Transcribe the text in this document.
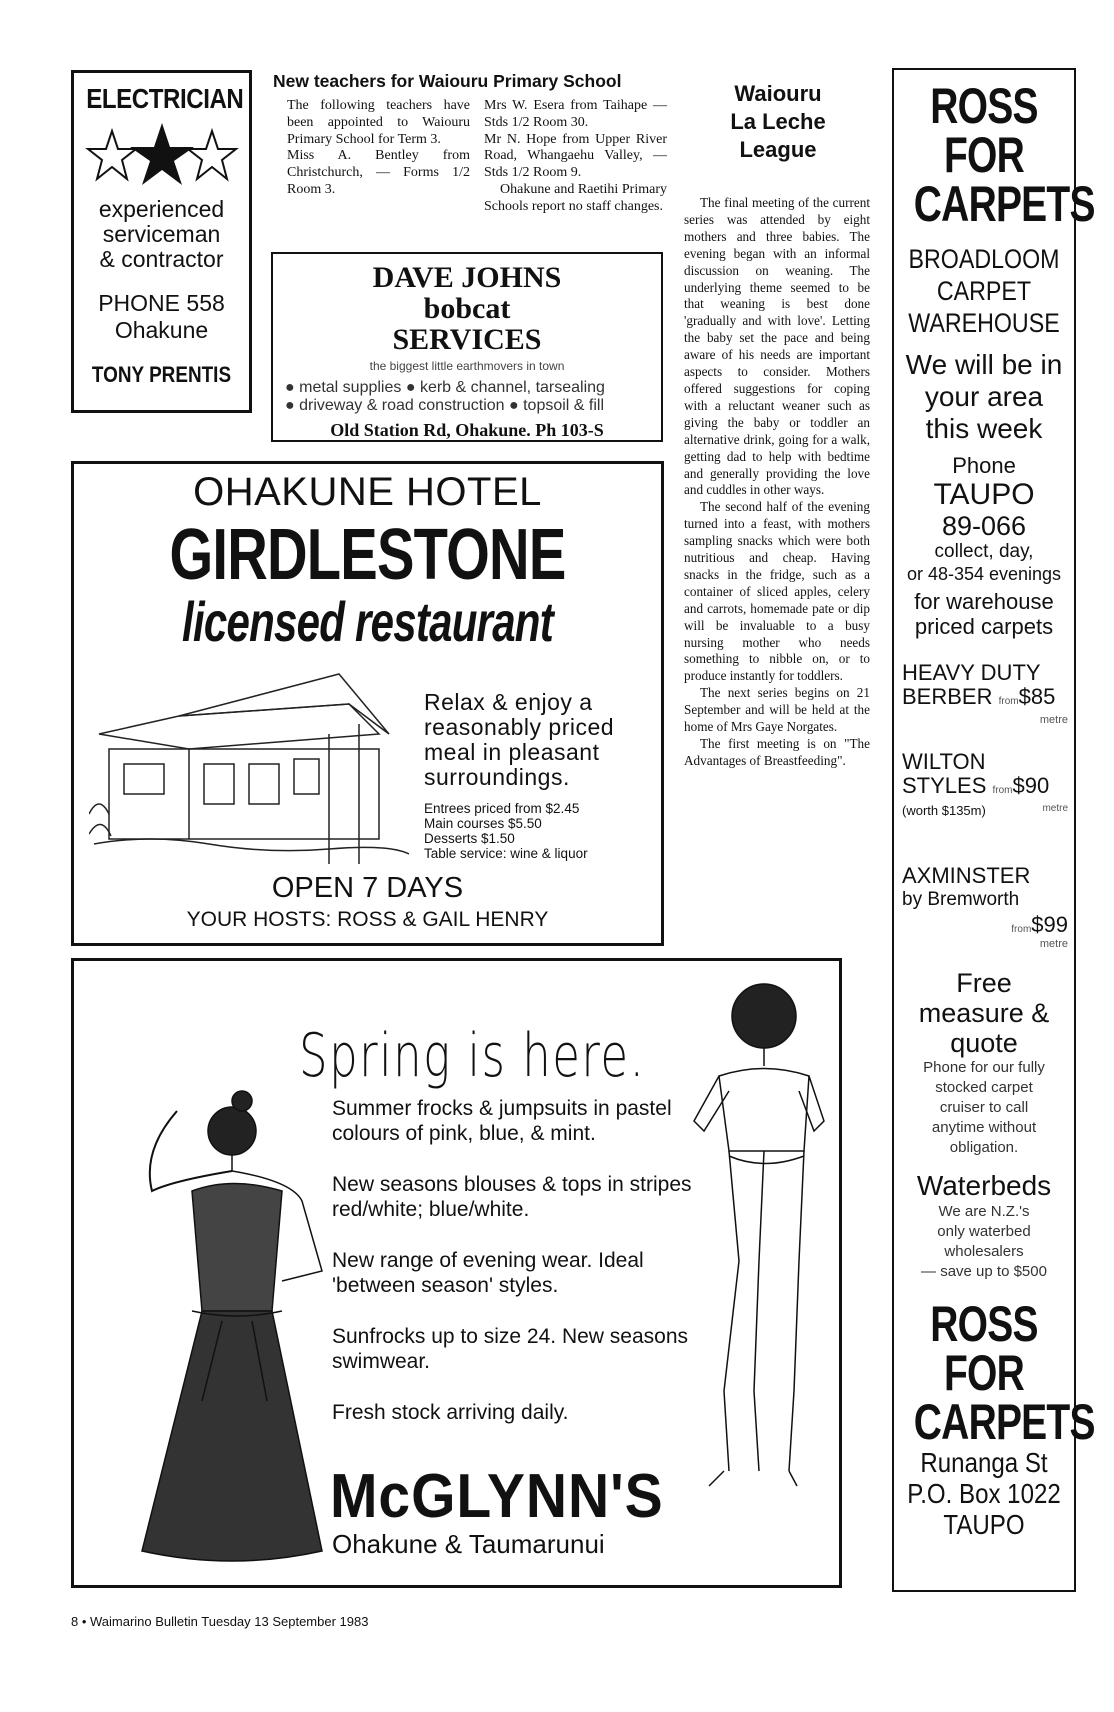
ELECTRICIAN
experienced
serviceman
& contractor
PHONE 558
Ohakune
TONY PRENTIS
New teachers for Waiouru Primary School

The following teachers have been appointed to Waiouru Primary School for Term 3.

Miss A. Bentley from Christchurch, — Forms 1/2 Room 3.

Mrs W. Esera from Taihape — Stds 1/2 Room 30.

Mr N. Hope from Upper River Road, Whangaehu Valley, — Stds 1/2 Room 9.

Ohakune and Raetihi Primary Schools report no staff changes.

DAVE JOHNS
bobcat
SERVICES
the biggest little earthmovers in town
● metal supplies ● kerb & channel, tarsealing
● driveway & road construction ● topsoil & fill
Old Station Rd, Ohakune. Ph 103-S
OHAKUNE HOTEL
GIRDLESTONE
licensed restaurant
Relax & enjoy a reasonably priced meal in pleasant surroundings.
Entrees priced from $2.45
Main courses $5.50
Desserts $1.50
Table service: wine & liquor
OPEN 7 DAYS
YOUR HOSTS: ROSS & GAIL HENRY
Waiouru
La Leche
League

The final meeting of the current series was attended by eight mothers and three babies. The evening began with an informal discussion on weaning. The underlying theme seemed to be that weaning is best done 'gradually and with love'. Letting the baby set the pace and being aware of his needs are important aspects to consider. Mothers offered suggestions for coping with a reluctant weaner such as giving the baby or toddler an alternative drink, going for a walk, getting dad to help with bedtime and generally providing the love and cuddles in other ways.

The second half of the evening turned into a feast, with mothers sampling snacks which were both nutritious and cheap. Having snacks in the fridge, such as a container of sliced apples, celery and carrots, homemade pate or dip will be invaluable to a busy nursing mother who needs something to nibble on, or to produce instantly for toddlers.

The next series begins on 21 September and will be held at the home of Mrs Gaye Norgates.

The first meeting is on "The Advantages of Breastfeeding".

ROSS
FOR
CARPETS
BROADLOOM
CARPET
WAREHOUSE
We will be in
your area
this week
Phone
TAUPO
89-066
collect, day,
or 48-354 evenings
for warehouse
priced carpets
HEAVY DUTY
BERBER from$85
metre
WILTON
STYLES from$90
(worth $135m)	metre
AXMINSTER
by Bremworth
from$99
metre
Free
measure &
quote
Phone for our fully
stocked carpet
cruiser to call
anytime without
obligation.
Waterbeds
We are N.Z.'s
only waterbed
wholesalers
— save up to $500
ROSS
FOR
CARPETS
Runanga St
P.O. Box 1022
TAUPO
Spring is here.

Summer frocks & jumpsuits in pastel colours of pink, blue, & mint.

New seasons blouses & tops in stripes red/white; blue/white.

New range of evening wear. Ideal 'between season' styles.

Sunfrocks up to size 24. New seasons swimwear.

Fresh stock arriving daily.

McGLYNN'S
Ohakune & Taumarunui
8 • Waimarino Bulletin Tuesday 13 September 1983
